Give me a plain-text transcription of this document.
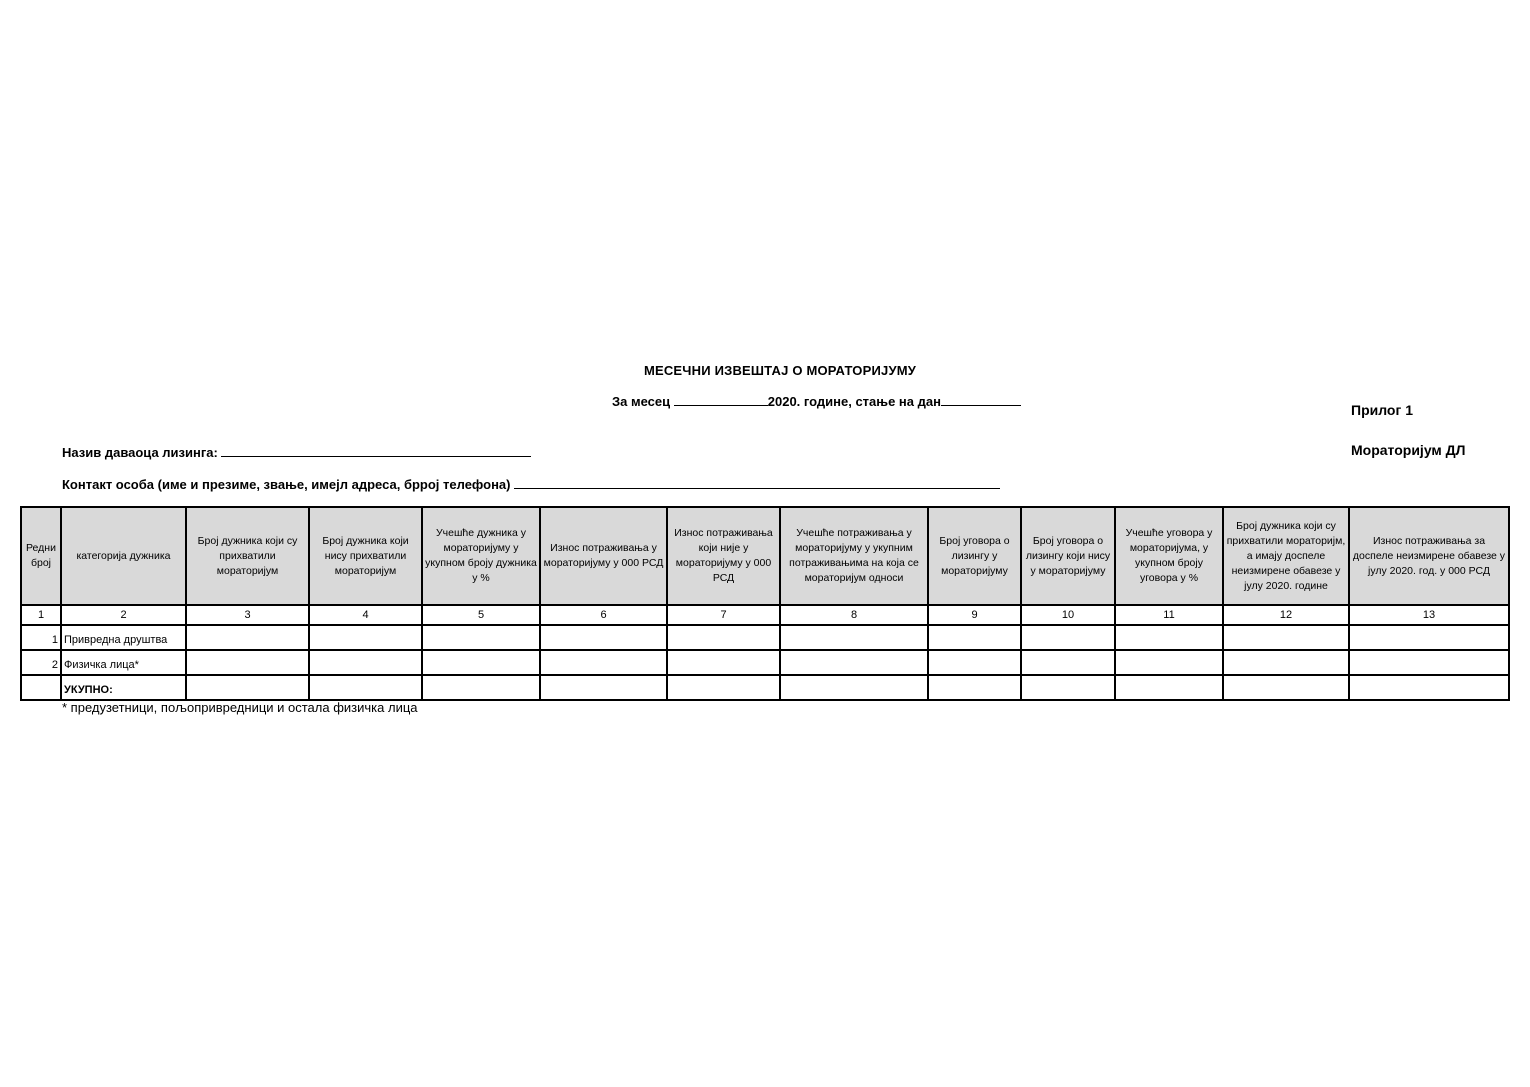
МЕСЕЧНИ ИЗВЕШТАЈ О МОРАТОРИЈУМУ
За месец	2020. године, стање на дан
Прилог 1
Мораторијум ДЛ
Назив даваоца лизинга:
Контакт особа (име и презиме, звање, имејл адреса, брроj телефона)
Редни број	категорија дужника	Број дужника који су прихватили мораторијум	Број дужника који нису прихватили мораторијум	Учешће дужника у мораторијуму у укупном броју дужника у %	Износ потраживања у мораторијуму у 000 РСД	Износ потраживања који није у мораторијуму у 000 РСД	Учешће потраживања у мораторијуму у укупним потраживањима на која се мораторијум односи	Број уговора о лизингу у мораторијуму	Број уговора о лизингу који нису у мораторијуму	Учешће уговора у мораторијума, у укупном броју уговора у %	Број дужника који су прихватили мораторијм, а имају доспеле неизмирене обавезе у јулу 2020. године	Износ потраживања за доспеле неизмирене обавезе у јулу 2020. год. у 000 РСД
1	2	3	4	5	6	7	8	9	10	11	12	13
1	Привредна друштва											
2	Физичка лица*											
	УКУПНО:											
* предузетници, пољопривредници и остала физичка лица
